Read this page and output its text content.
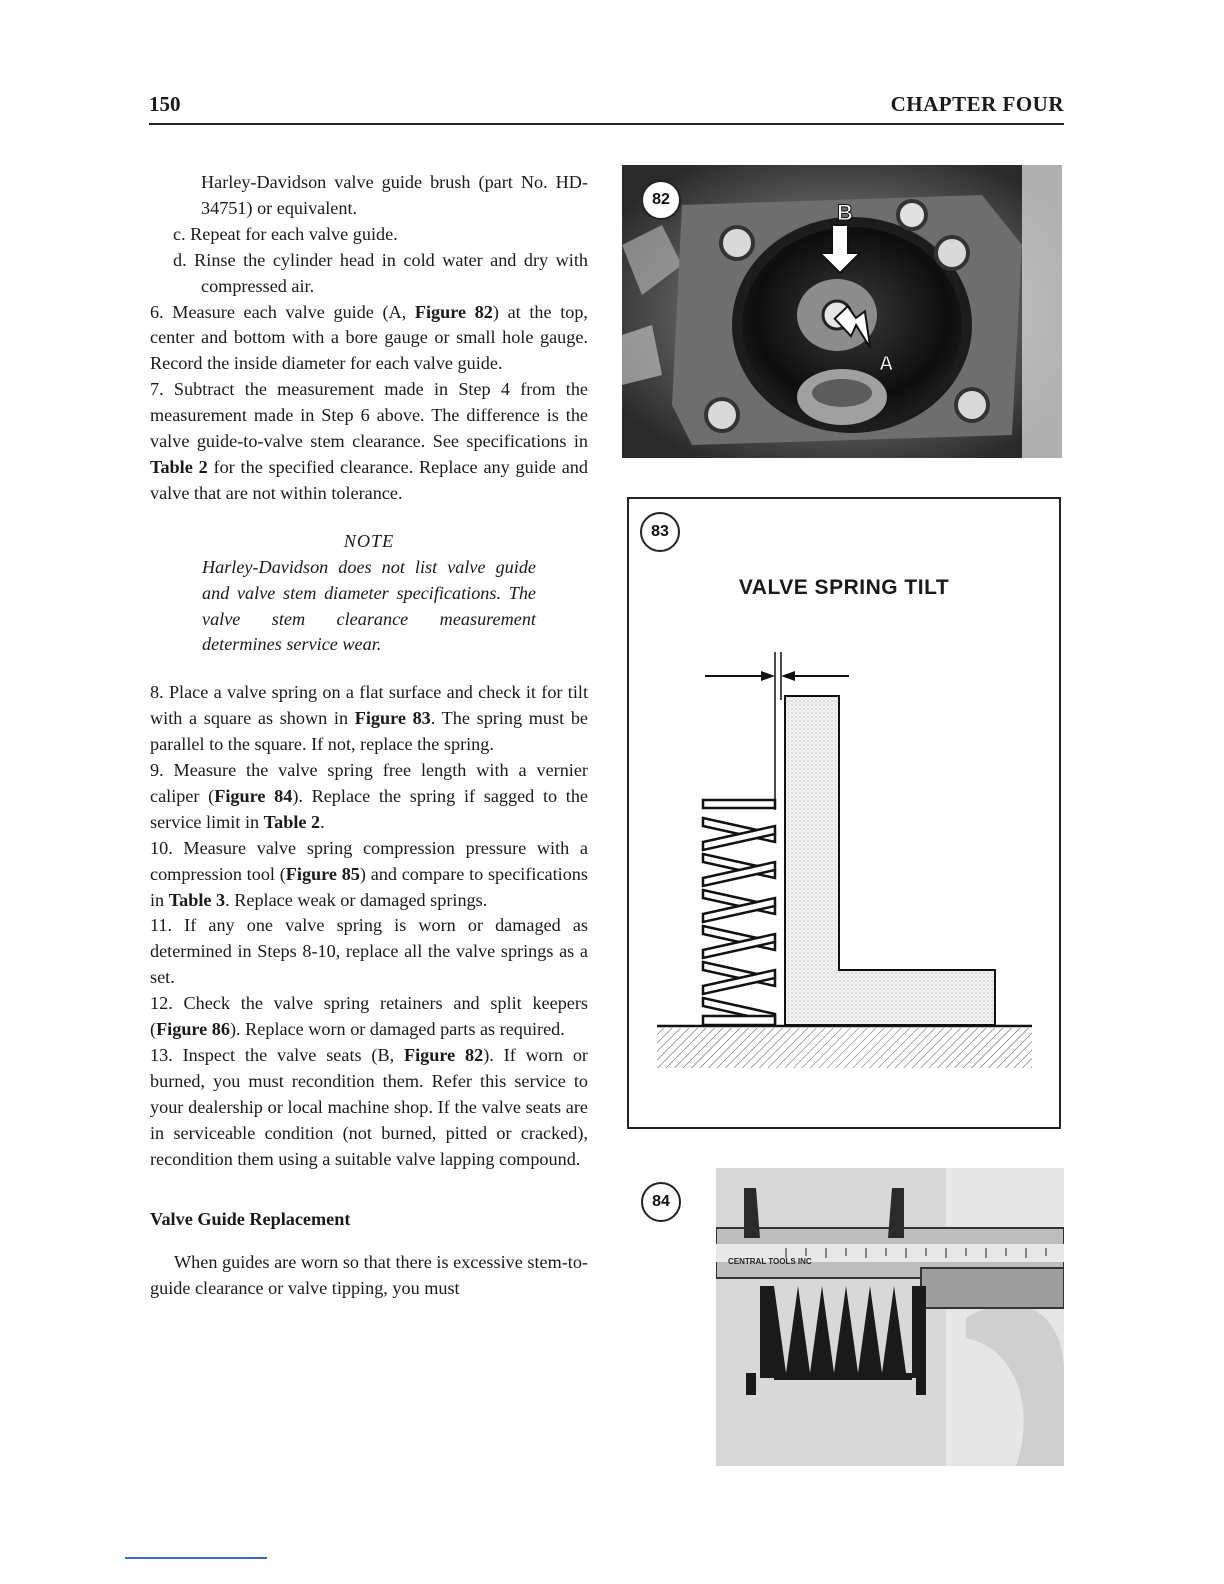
150	CHAPTER FOUR

Harley-Davidson valve guide brush (part No. HD-34751) or equivalent.

c. Repeat for each valve guide.

d. Rinse the cylinder head in cold water and dry with compressed air.

6. Measure each valve guide (A, Figure 82) at the top, center and bottom with a bore gauge or small hole gauge. Record the inside diameter for each valve guide.

7. Subtract the measurement made in Step 4 from the measurement made in Step 6 above. The difference is the valve guide-to-valve stem clearance. See specifications in Table 2 for the specified clearance. Replace any guide and valve that are not within tolerance.

NOTE

Harley-Davidson does not list valve guide and valve stem diameter specifications. The valve stem clearance measurement determines service wear.

8. Place a valve spring on a flat surface and check it for tilt with a square as shown in Figure 83. The spring must be parallel to the square. If not, replace the spring.

9. Measure the valve spring free length with a vernier caliper (Figure 84). Replace the spring if sagged to the service limit in Table 2.

10. Measure valve spring compression pressure with a compression tool (Figure 85) and compare to specifications in Table 3. Replace weak or damaged springs.

11. If any one valve spring is worn or damaged as determined in Steps 8-10, replace all the valve springs as a set.

12. Check the valve spring retainers and split keepers (Figure 86). Replace worn or damaged parts as required.

13. Inspect the valve seats (B, Figure 82). If worn or burned, you must recondition them. Refer this service to your dealership or local machine shop. If the valve seats are in serviceable condition (not burned, pitted or cracked), recondition them using a suitable valve lapping compound.

Valve Guide Replacement

When guides are worn so that there is excessive stem-to-guide clearance or valve tipping, you must

B
A
82
83
VALVE SPRING TILT
84
CENTRAL TOOLS INC
